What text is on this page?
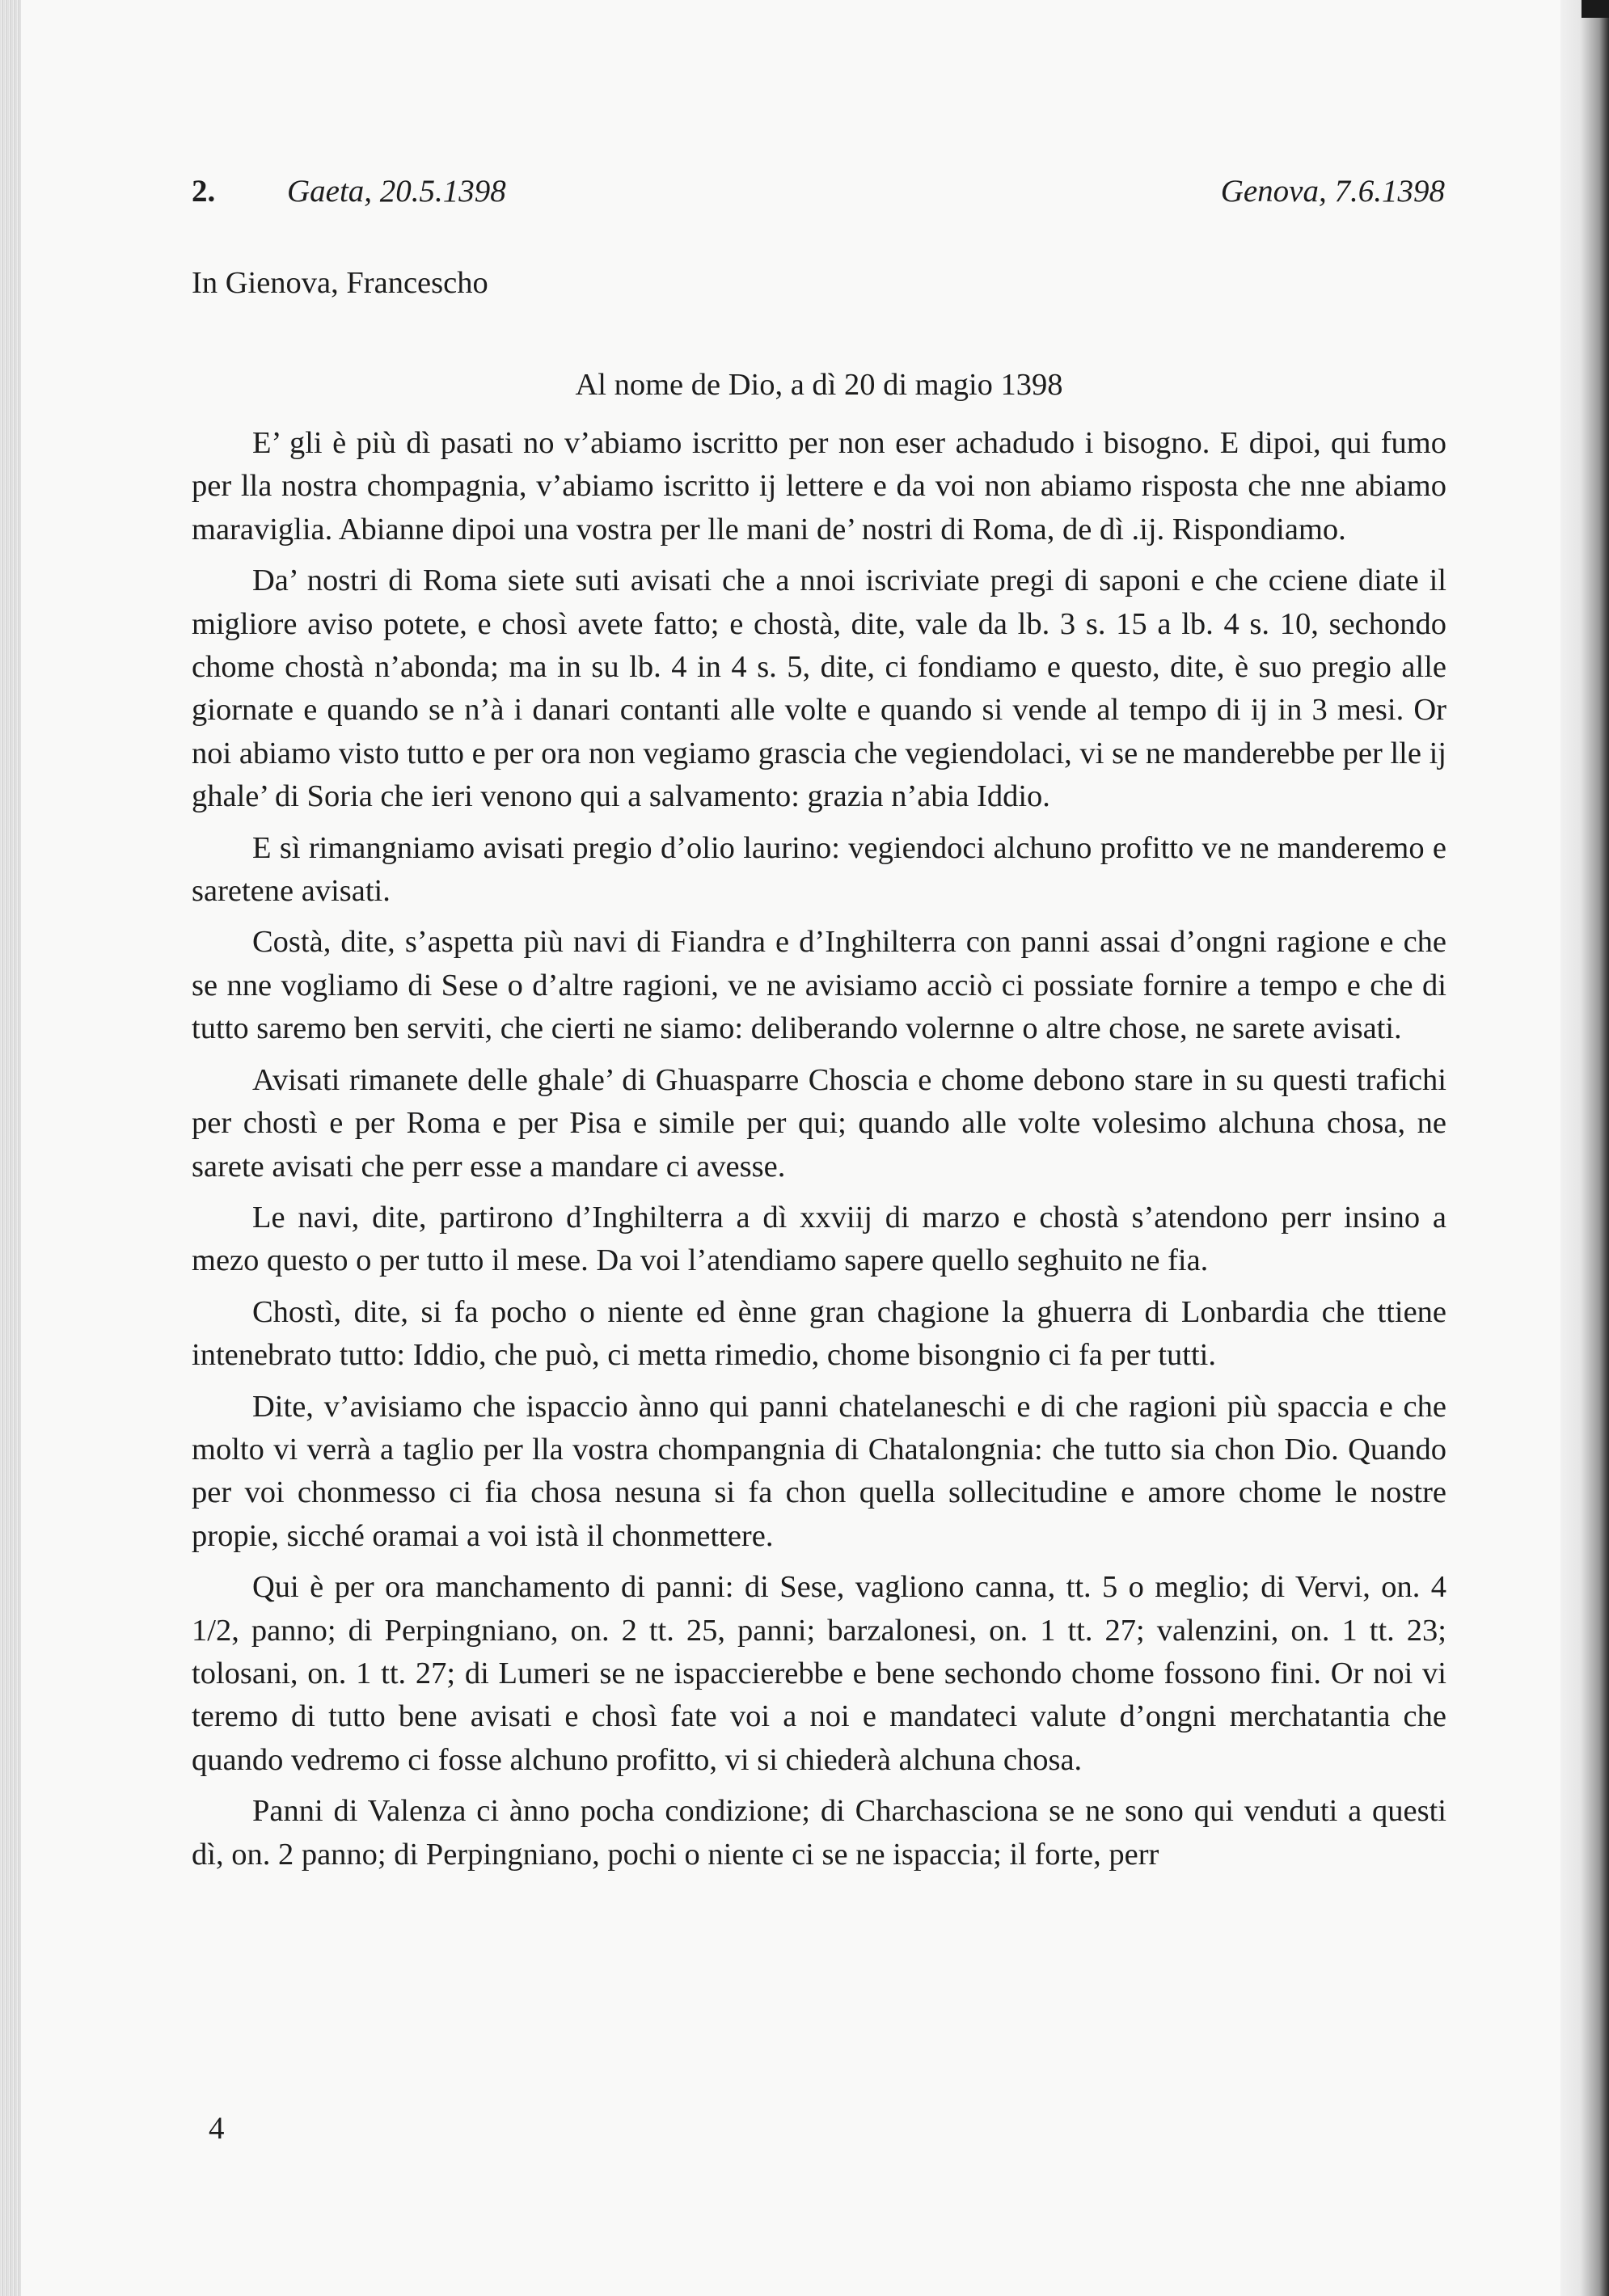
2. Gaeta, 20.5.1398	Genova, 7.6.1398
In Gienova, Francescho
Al nome de Dio, a dì 20 di magio 1398

E’ gli è più dì pasati no v’abiamo iscritto per non eser achadudo i bisogno. E dipoi, qui fumo per lla nostra chompagnia, v’abiamo iscritto ij lettere e da voi non abiamo risposta che nne abiamo maraviglia. Abianne dipoi una vostra per lle mani de’ nostri di Roma, de dì .ij. Rispondiamo.

Da’ nostri di Roma siete suti avisati che a nnoi iscriviate pregi di saponi e che cciene diate il migliore aviso potete, e chosì avete fatto; e chostà, dite, vale da lb. 3 s. 15 a lb. 4 s. 10, sechondo chome chostà n’abonda; ma in su lb. 4 in 4 s. 5, dite, ci fondiamo e questo, dite, è suo pregio alle giornate e quando se n’à i danari contanti alle volte e quando si vende al tempo di ij in 3 mesi. Or noi abiamo visto tutto e per ora non vegiamo grascia che vegiendolaci, vi se ne manderebbe per lle ij ghale’ di Soria che ieri venono qui a salvamento: grazia n’abia Iddio.

E sì rimangniamo avisati pregio d’olio laurino: vegiendoci alchuno profitto ve ne manderemo e saretene avisati.

Costà, dite, s’aspetta più navi di Fiandra e d’Inghilterra con panni assai d’ongni ragione e che se nne vogliamo di Sese o d’altre ragioni, ve ne avisiamo acciò ci possiate fornire a tempo e che di tutto saremo ben serviti, che cierti ne siamo: deliberando volernne o altre chose, ne sarete avisati.

Avisati rimanete delle ghale’ di Ghuasparre Choscia e chome debono stare in su questi trafichi per chostì e per Roma e per Pisa e simile per qui; quando alle volte volesimo alchuna chosa, ne sarete avisati che perr esse a mandare ci avesse.

Le navi, dite, partirono d’Inghilterra a dì xxviij di marzo e chostà s’atendono perr insino a mezo questo o per tutto il mese. Da voi l’atendiamo sapere quello seghuito ne fia.

Chostì, dite, si fa pocho o niente ed ènne gran chagione la ghuerra di Lonbardia che ttiene intenebrato tutto: Iddio, che può, ci metta rimedio, chome bisongnio ci fa per tutti.

Dite, v’avisiamo che ispaccio ànno qui panni chatelaneschi e di che ragioni più spaccia e che molto vi verrà a taglio per lla vostra chompangnia di Chatalongnia: che tutto sia chon Dio. Quando per voi chonmesso ci fia chosa nesuna si fa chon quella sollecitudine e amore chome le nostre propie, sicché oramai a voi istà il chonmettere.

Qui è per ora manchamento di panni: di Sese, vagliono canna, tt. 5 o meglio; di Vervi, on. 4 1/2, panno; di Perpingniano, on. 2 tt. 25, panni; barzalonesi, on. 1 tt. 27; valenzini, on. 1 tt. 23; tolosani, on. 1 tt. 27; di Lumeri se ne ispaccierebbe e bene sechondo chome fossono fini. Or noi vi teremo di tutto bene avisati e chosì fate voi a noi e mandateci valute d’ongni merchatantia che quando vedremo ci fosse alchuno profitto, vi si chiederà alchuna chosa.

Panni di Valenza ci ànno pocha condizione; di Charchasciona se ne sono qui venduti a questi dì, on. 2 panno; di Perpingniano, pochi o niente ci se ne ispaccia; il forte, perr

4
